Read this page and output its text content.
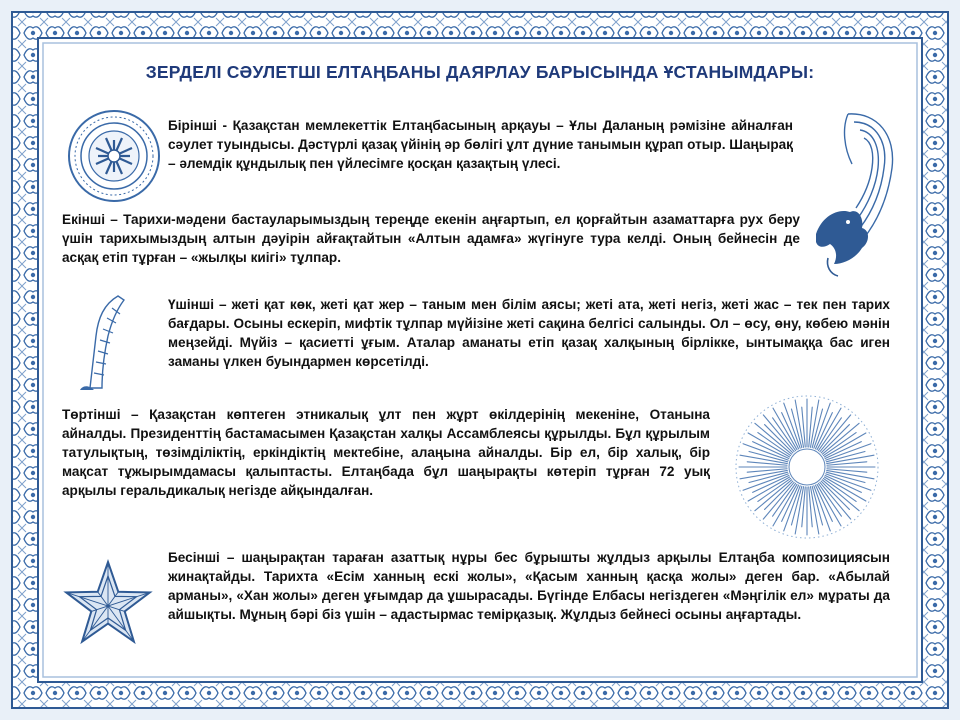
ЗЕРДЕЛІ СӘУЛЕТШІ ЕЛТАҢБАНЫ ДАЯРЛАУ БАРЫСЫНДА ҰСТАНЫМДАРЫ:

Бірінші - Қазақстан мемлекеттік Елтаңбасының арқауы – Ұлы Даланың рәмізіне айналған сәулет туындысы. Дәстүрлі қазақ үйінің әр бөлігі ұлт дүние танымын құрап отыр. Шаңырақ – әлемдік құндылық пен үйлесімге қосқан қазақтың үлесі.

Екінші – Тарихи-мәдени бастауларымыздың тереңде екенін аңғартып, ел қорғайтын азаматтарға рух беру үшін тарихымыздың алтын дәуірін айғақтайтын «Алтын адамға» жүгінуге тура келді. Оның бейнесін де асқақ етіп тұрған – «жылқы киігі» тұлпар.

Үшінші – жеті қат көк, жеті қат жер – таным мен білім аясы; жеті ата, жеті негіз, жеті жас – тек пен тарих бағдары. Осыны ескеріп, мифтік тұлпар мүйізіне жеті сақина белгісі салынды. Ол – өсу, өну, көбею мәнін меңзейді. Мүйіз – қасиетті ұғым. Аталар аманаты етіп қазақ халқының бірлікке, ынтымаққа бас иген заманы үлкен буындармен көрсетілді.

Төртінші – Қазақстан көптеген этникалық ұлт пен жұрт өкілдерінің мекеніне, Отанына айналды. Президенттің бастамасымен Қазақстан халқы Ассамблеясы құрылды. Бұл құрылым татулықтың, төзімділіктің, еркіндіктің мектебіне, алаңына айналды. Бір ел, бір халық, бір мақсат тұжырымдамасы қалыптасты. Елтаңбада бұл шаңырақты көтеріп тұрған 72 уық арқылы геральдикалық негізде айқындалған.

Бесінші – шаңырақтан тараған азаттық нұры бес бұрышты жұлдыз арқылы Елтаңба композициясын жинақтайды. Тарихта «Есім ханның ескі жолы», «Қасым ханның қасқа жолы» деген бар. «Абылай арманы», «Хан жолы» деген ұғымдар да ұшырасады. Бүгінде Елбасы негіздеген «Мәңгілік ел» мұраты да айшықты. Мұның бәрі біз үшін – адастырмас темірқазық. Жұлдыз бейнесі осыны аңғартады.
